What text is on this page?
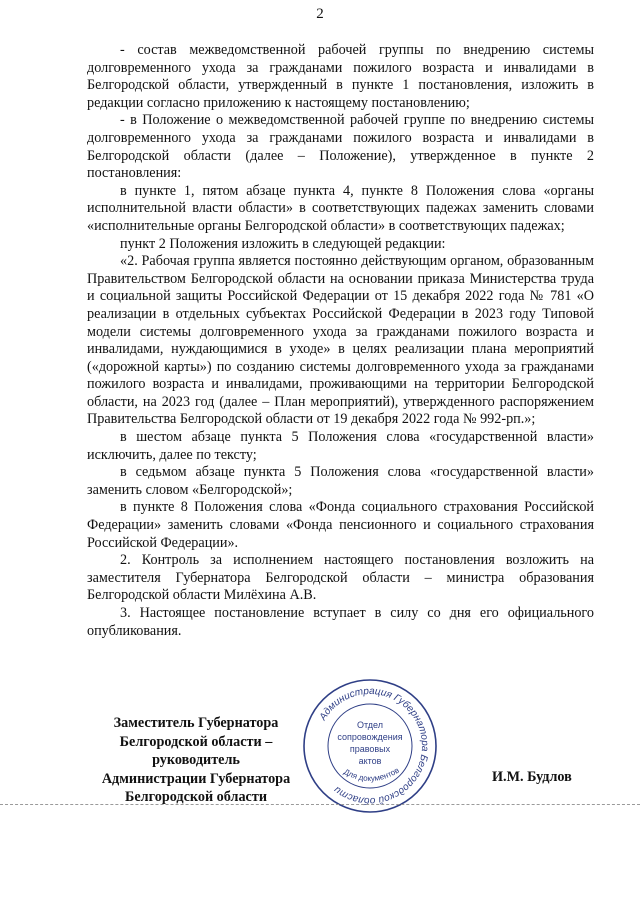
2

- состав межведомственной рабочей группы по внедрению системы долговременного ухода за гражданами пожилого возраста и инвалидами в Белгородской области, утвержденный в пункте 1 постановления, изложить в редакции согласно приложению к настоящему постановлению;

- в Положение о межведомственной рабочей группе по внедрению системы долговременного ухода за гражданами пожилого возраста и инвалидами в Белгородской области (далее – Положение), утвержденное в пункте 2 постановления:

в пункте 1, пятом абзаце пункта 4, пункте 8 Положения слова «органы исполнительной власти области» в соответствующих падежах заменить словами «исполнительные органы Белгородской области» в соответствующих падежах;

пункт 2 Положения изложить в следующей редакции:

«2. Рабочая группа является постоянно действующим органом, образованным Правительством Белгородской области на основании приказа Министерства труда и социальной защиты Российской Федерации от 15 декабря 2022 года № 781 «О реализации в отдельных субъектах Российской Федерации в 2023 году Типовой модели системы долговременного ухода за гражданами пожилого возраста и инвалидами, нуждающимися в уходе» в целях реализации плана мероприятий («дорожной карты») по созданию системы долговременного ухода за гражданами пожилого возраста и инвалидами, проживающими на территории Белгородской области, на 2023 год (далее – План мероприятий), утвержденного распоряжением Правительства Белгородской области от 19 декабря 2022 года № 992-рп.»;

в шестом абзаце пункта 5 Положения слова «государственной власти» исключить, далее по тексту;

в седьмом абзаце пункта 5 Положения слова «государственной власти» заменить словом «Белгородской»;

в пункте 8 Положения слова «Фонда социального страхования Российской Федерации» заменить словами «Фонда пенсионного и социального страхования Российской Федерации».

2. Контроль за исполнением настоящего постановления возложить на заместителя Губернатора Белгородской области – министра образования Белгородской области Милёхина А.В.

3. Настоящее постановление вступает в силу со дня его официального опубликования.

Заместитель Губернатора
Белгородской области – руководитель
Администрации Губернатора
Белгородской области
Администрация Губернатора Белгородской области
Отдел
сопровождения
правовых
актов
Для документов	И.М. Будлов
